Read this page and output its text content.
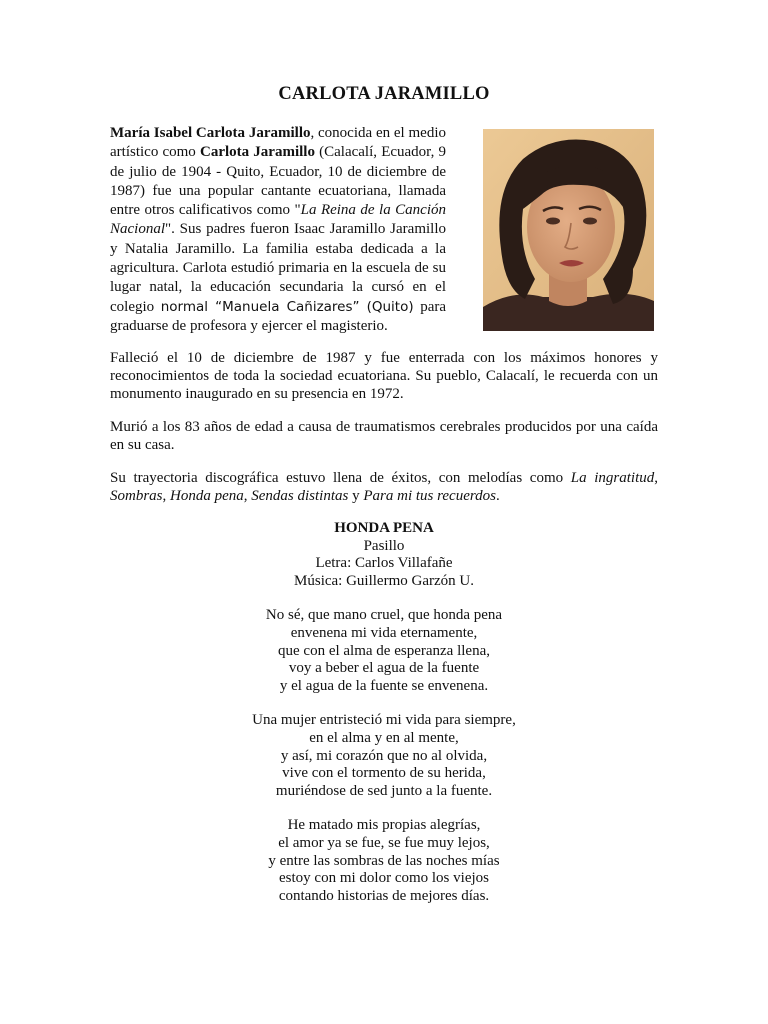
CARLOTA JARAMILLO
María Isabel Carlota Jaramillo, conocida en el medio artístico como Carlota Jaramillo (Calacalí, Ecuador, 9 de julio de 1904 - Quito, Ecuador, 10 de diciembre de 1987) fue una popular cantante ecuatoriana, llamada entre otros calificativos como "La Reina de la Canción Nacional". Sus padres fueron Isaac Jaramillo Jaramillo y Natalia Jaramillo. La familia estaba dedicada a la agricultura. Carlota estudió primaria en la escuela de su lugar natal, la educación secundaria la cursó en el colegio normal “Manuela Cañizares” (Quito) para graduarse de profesora y ejercer el magisterio.

Falleció el 10 de diciembre de 1987 y fue enterrada con los máximos honores y reconocimientos de toda la sociedad ecuatoriana. Su pueblo, Calacalí, le recuerda con un monumento inaugurado en su presencia en 1972.

Murió a los 83 años de edad a causa de traumatismos cerebrales producidos por una caída en su casa.

Su trayectoria discográfica estuvo llena de éxitos, con melodías como La ingratitud, Sombras, Honda pena, Sendas distintas y Para mi tus recuerdos.

HONDA PENA
Pasillo
Letra: Carlos Villafañe
Música: Guillermo Garzón U.
No sé, que mano cruel, que honda pena
envenena mi vida eternamente,
que con el alma de esperanza llena,
voy a beber el agua de la fuente
y el agua de la fuente se envenena.
Una mujer entristeció mi vida para siempre,
en el alma y en al mente,
y así, mi corazón que no al olvida,
vive con el tormento de su herida,
muriéndose de sed junto a la fuente.
He matado mis propias alegrías,
el amor ya se fue, se fue muy lejos,
y entre las sombras de las noches mías
estoy con mi dolor como los viejos
contando historias de mejores días.
